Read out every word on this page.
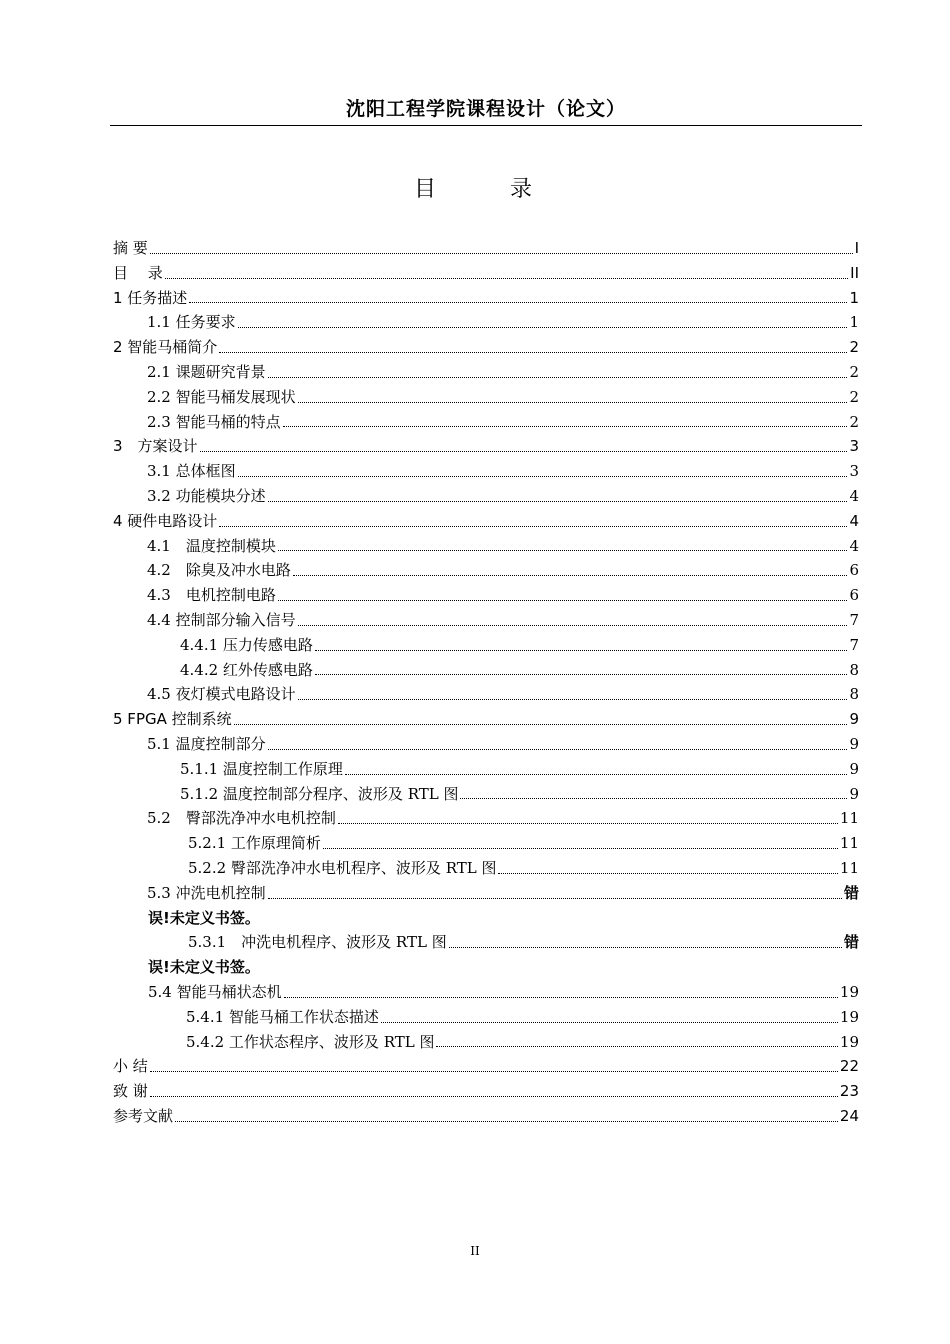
沈阳工程学院课程设计（论文）
目　录
摘 要	I
目　 录	II
1 任务描述	1
1.1 任务要求	1
2 智能马桶简介	2
2.1 课题研究背景	2
2.2 智能马桶发展现状	2
2.3 智能马桶的特点	2
3　方案设计	3
3.1 总体框图	3
3.2 功能模块分述	4
4 硬件电路设计	4
4.1　温度控制模块	4
4.2　除臭及冲水电路	6
4.3　电机控制电路	6
4.4 控制部分输入信号	7
4.4.1 压力传感电路	7
4.4.2 红外传感电路	8
4.5 夜灯模式电路设计	8
5 FPGA 控制系统	9
5.1 温度控制部分	9
5.1.1 温度控制工作原理	9
5.1.2 温度控制部分程序、波形及 RTL 图	9
5.2　臀部洗净冲水电机控制	11
5.2.1 工作原理简析	11
5.2.2 臀部洗净冲水电机程序、波形及 RTL 图	11
5.3 冲洗电机控制	错
误!未定义书签。
5.3.1　冲洗电机程序、波形及 RTL 图	错
误!未定义书签。
5.4 智能马桶状态机	19
5.4.1 智能马桶工作状态描述	19
5.4.2 工作状态程序、波形及 RTL 图	19
小 结	22
致 谢	23
参考文献	24
II
